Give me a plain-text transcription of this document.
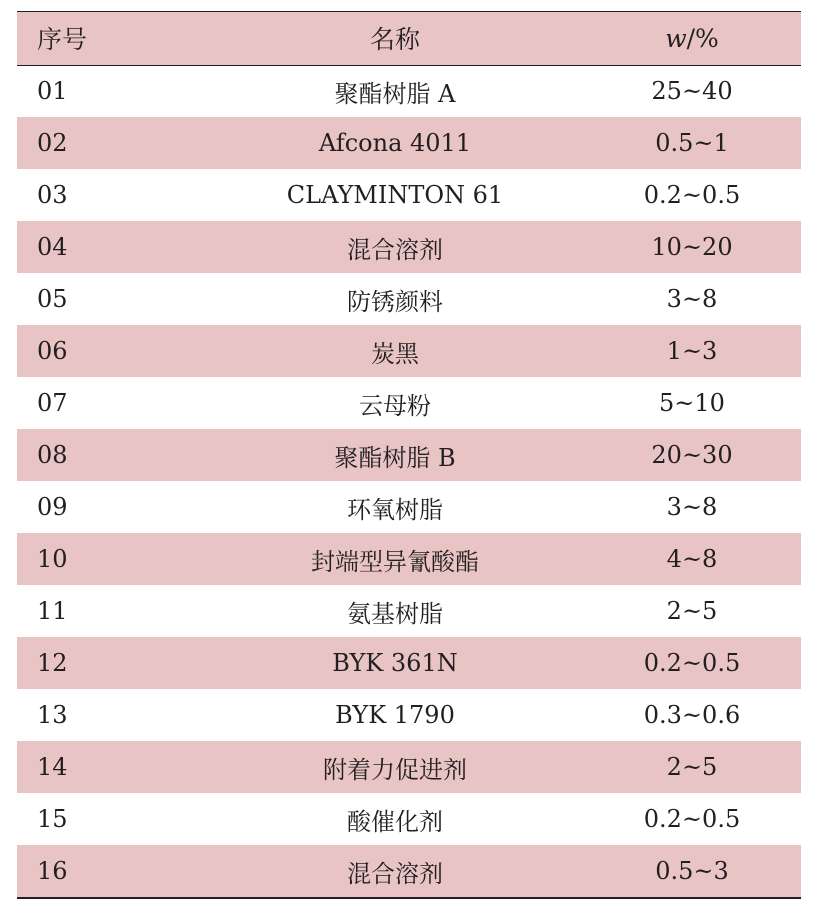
序号	名称	w/%
01	聚酯树脂 A	25~40
02	Afcona 4011	0.5~1
03	CLAYMINTON 61	0.2~0.5
04	混合溶剂	10~20
05	防锈颜料	3~8
06	炭黑	1~3
07	云母粉	5~10
08	聚酯树脂 B	20~30
09	环氧树脂	3~8
10	封端型异氰酸酯	4~8
11	氨基树脂	2~5
12	BYK 361N	0.2~0.5
13	BYK 1790	0.3~0.6
14	附着力促进剂	2~5
15	酸催化剂	0.2~0.5
16	混合溶剂	0.5~3
